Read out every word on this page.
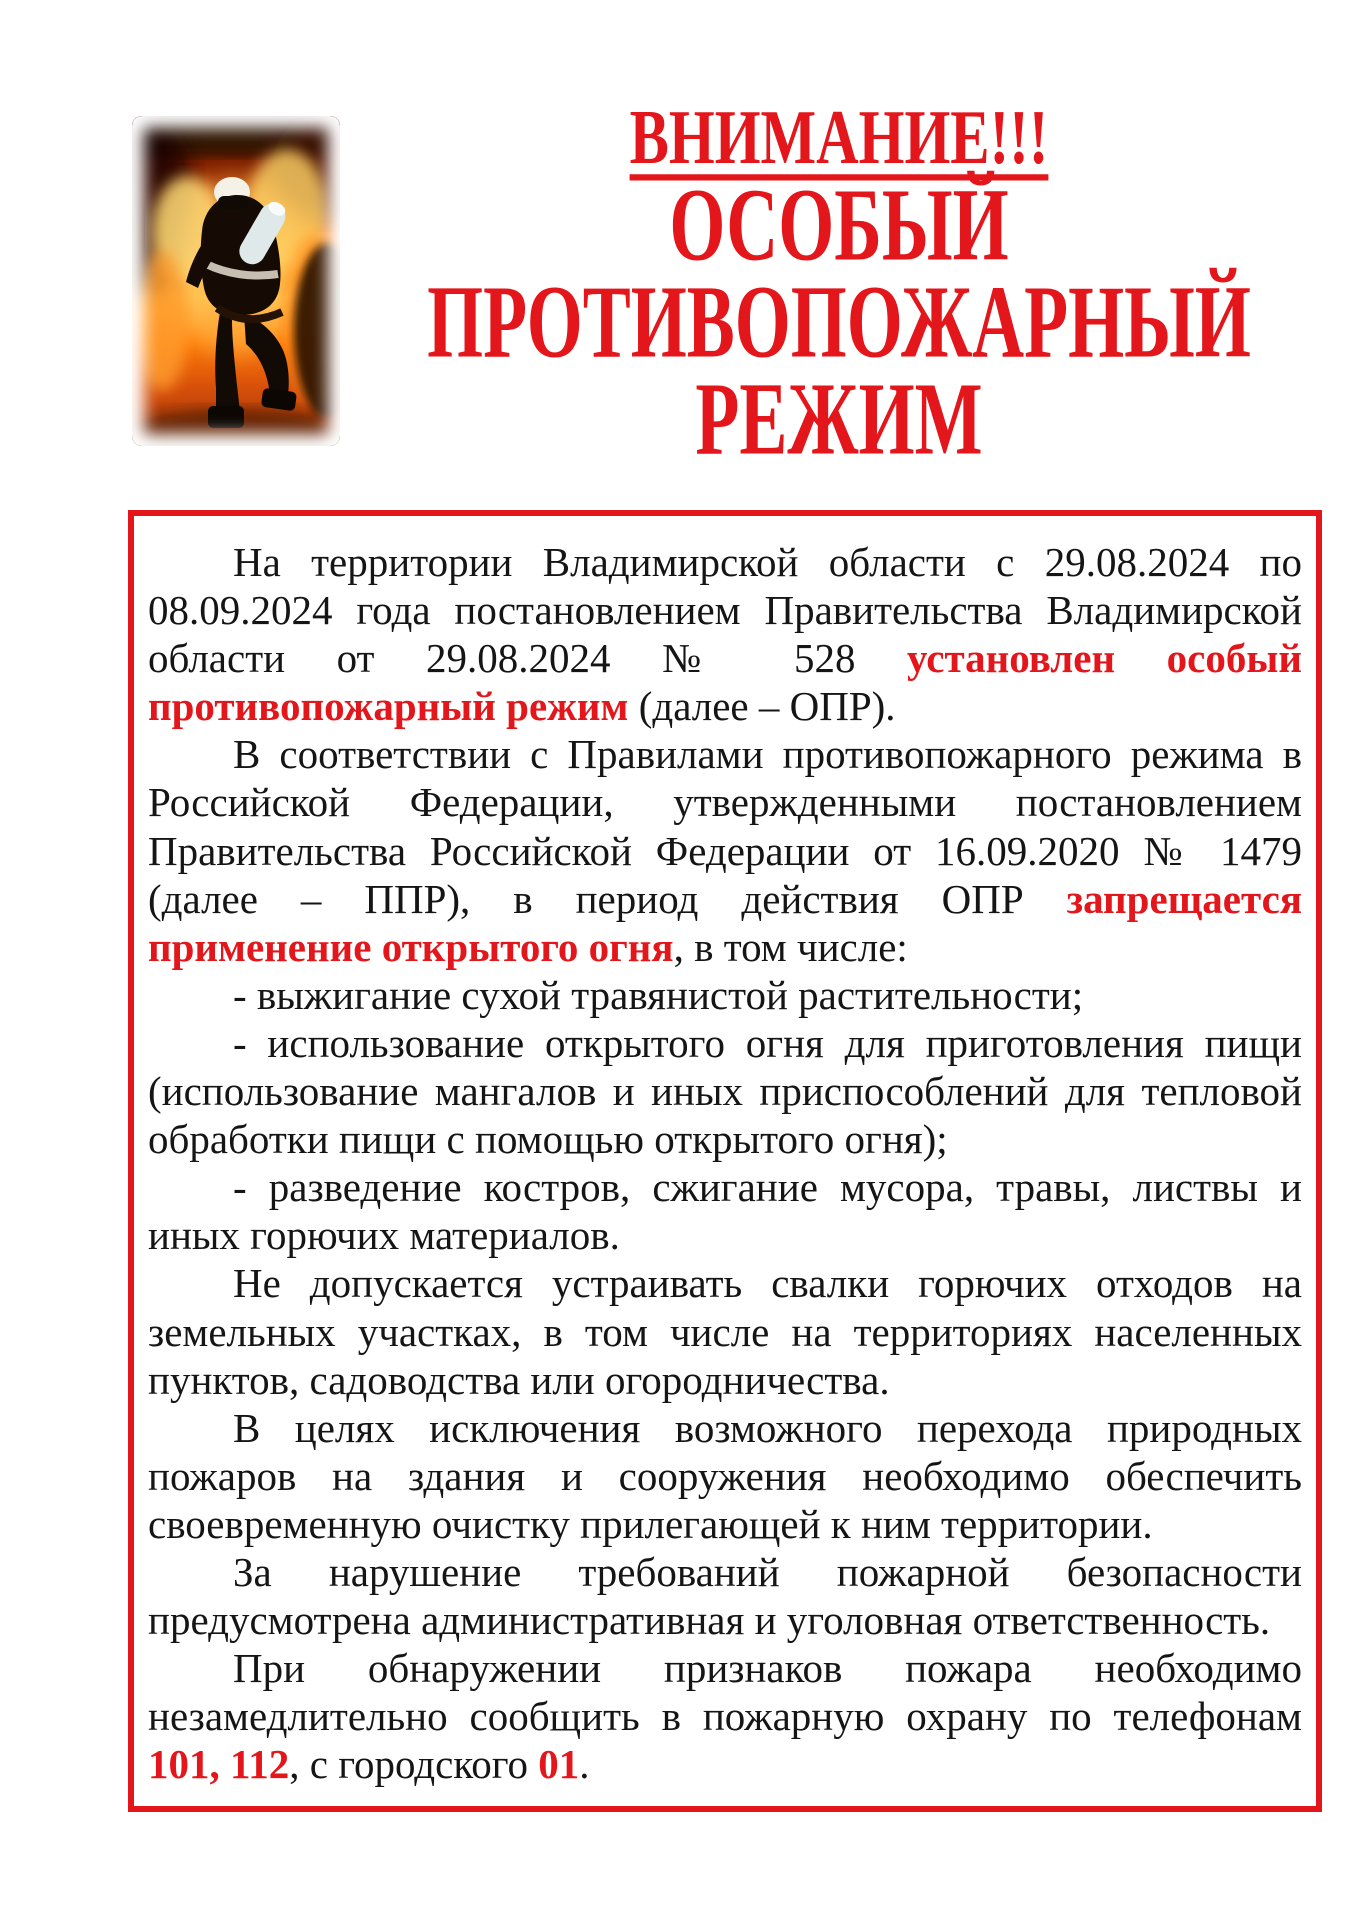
ВНИМАНИЕ!!!
ОСОБЫЙ
ПРОТИВОПОЖАРНЫЙ
РЕЖИМ

На территории Владимирской области с 29.08.2024 по 08.09.2024 года постановлением Правительства Владимирской области от 29.08.2024 № 528 установлен особый противопожарный режим (далее – ОПР).

В соответствии с Правилами противопожарного режима в Российской Федерации, утвержденными постановлением Правительства Российской Федерации от 16.09.2020 № 1479 (далее – ППР), в период действия ОПР запрещается применение открытого огня, в том числе:

- выжигание сухой травянистой растительности;

- использование открытого огня для приготовления пищи (использование мангалов и иных приспособлений для тепловой обработки пищи с помощью открытого огня);

- разведение костров, сжигание мусора, травы, листвы и иных горючих материалов.

Не допускается устраивать свалки горючих отходов на земельных участках, в том числе на территориях населенных пунктов, садоводства или огородничества.

В целях исключения возможного перехода природных пожаров на здания и сооружения необходимо обеспечить своевременную очистку прилегающей к ним территории.

За нарушение требований пожарной безопасности предусмотрена административная и уголовная ответственность.

При обнаружении признаков пожара необходимо незамедлительно сообщить в пожарную охрану по телефонам 101, 112, с городского 01.
